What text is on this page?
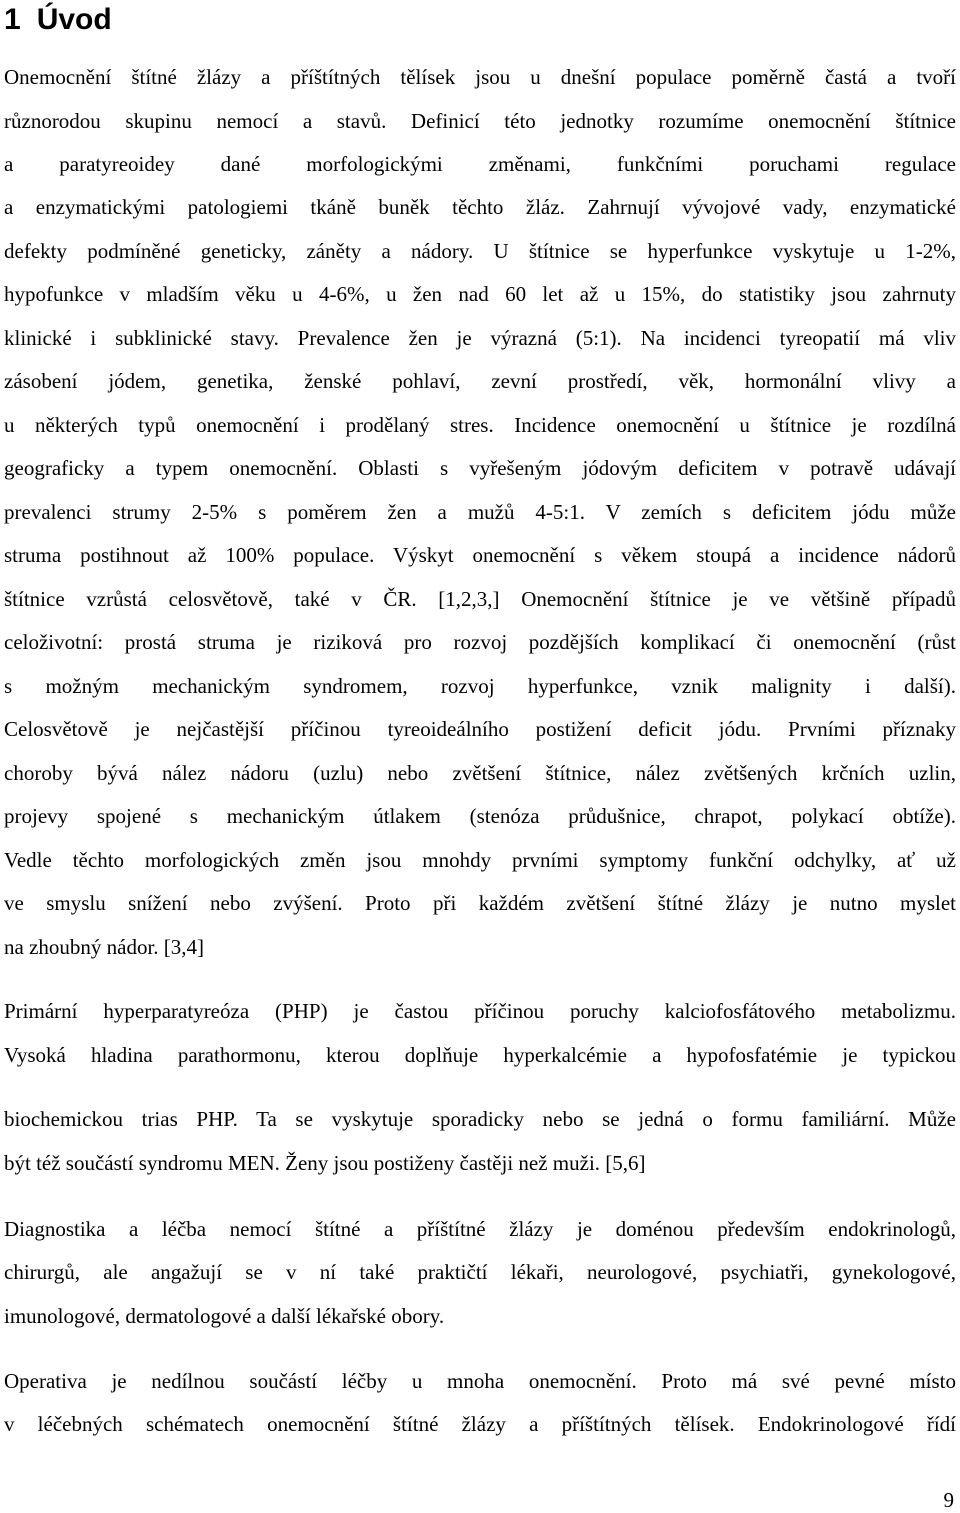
1 Úvod

Onemocnění štítné žlázy a příštítných tělísek jsou u dnešní populace poměrně častá a tvoří

různorodou skupinu nemocí a stavů. Definicí této jednotky rozumíme onemocnění štítnice

a paratyreoidey dané morfologickými změnami, funkčními poruchami regulace

a enzymatickými patologiemi tkáně buněk těchto žláz. Zahrnují vývojové vady, enzymatické

defekty podmíněné geneticky, záněty a nádory. U štítnice se hyperfunkce vyskytuje u 1-2%,

hypofunkce v mladším věku u 4-6%, u žen nad 60 let až u 15%, do statistiky jsou zahrnuty

klinické i subklinické stavy. Prevalence žen je výrazná (5:1). Na incidenci tyreopatií má vliv

zásobení jódem, genetika, ženské pohlaví, zevní prostředí, věk, hormonální vlivy a

u některých typů onemocnění i prodělaný stres. Incidence onemocnění u štítnice je rozdílná

geograficky a typem onemocnění. Oblasti s vyřešeným jódovým deficitem v potravě udávají

prevalenci strumy 2-5% s poměrem žen a mužů 4-5:1. V zemích s deficitem jódu může

struma postihnout až 100% populace. Výskyt onemocnění s věkem stoupá a incidence nádorů

štítnice vzrůstá celosvětově, také v ČR. [1,2,3,] Onemocnění štítnice je ve většině případů

celoživotní: prostá struma je riziková pro rozvoj pozdějších komplikací či onemocnění (růst

s možným mechanickým syndromem, rozvoj hyperfunkce, vznik malignity i další).

Celosvětově je nejčastější příčinou tyreoideálního postižení deficit jódu. Prvními příznaky

choroby bývá nález nádoru (uzlu) nebo zvětšení štítnice, nález zvětšených krčních uzlin,

projevy spojené s mechanickým útlakem (stenóza průdušnice, chrapot, polykací obtíže).

Vedle těchto morfologických změn jsou mnohdy prvními symptomy funkční odchylky, ať už

ve smyslu snížení nebo zvýšení. Proto při každém zvětšení štítné žlázy je nutno myslet

na zhoubný nádor. [3,4]

Primární hyperparatyreóza (PHP) je častou příčinou poruchy kalciofosfátového metabolizmu.

Vysoká hladina parathormonu, kterou doplňuje hyperkalcémie a hypofosfatémie je typickou

biochemickou trias PHP. Ta se vyskytuje sporadicky nebo se jedná o formu familiární. Může

být též součástí syndromu MEN. Ženy jsou postiženy častěji než muži. [5,6]

Diagnostika a léčba nemocí štítné a příštítné žlázy je doménou především endokrinologů,

chirurgů, ale angažují se v ní také praktičtí lékaři, neurologové, psychiatři, gynekologové,

imunologové, dermatologové a další lékařské obory.

Operativa je nedílnou součástí léčby u mnoha onemocnění. Proto má své pevné místo

v léčebných schématech onemocnění štítné žlázy a příštítných tělísek. Endokrinologové řídí

9
